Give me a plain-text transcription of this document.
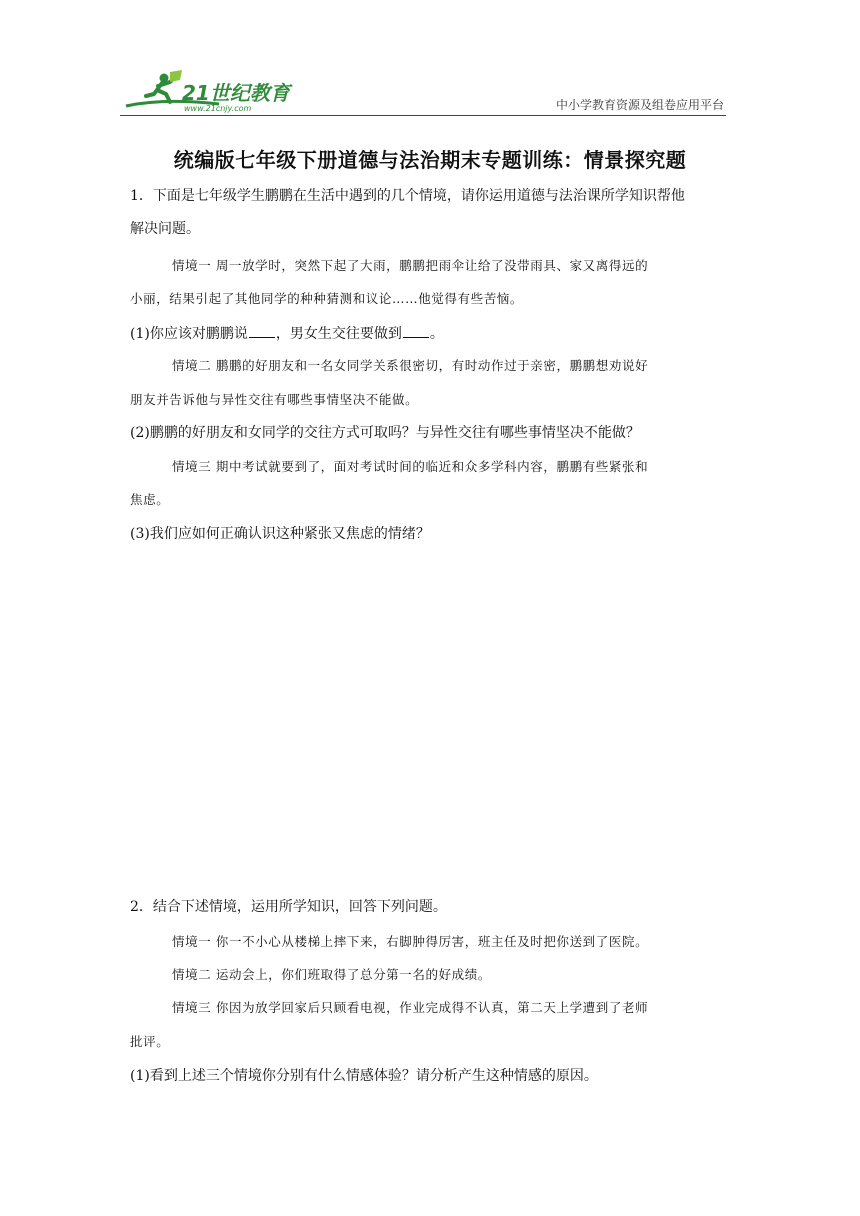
21世纪教育
www.21cnjy.com	中小学教育资源及组卷应用平台
统编版七年级下册道德与法治期末专题训练：情景探究题
1．下面是七年级学生鹏鹏在生活中遇到的几个情境，请你运用道德与法治课所学知识帮他
解决问题。
情境一 周一放学时，突然下起了大雨，鹏鹏把雨伞让给了没带雨具、家又离得远的
小丽，结果引起了其他同学的种种猜测和议论……他觉得有些苦恼。
(1)你应该对鹏鹏说 ，男女生交往要做到 。
情境二 鹏鹏的好朋友和一名女同学关系很密切，有时动作过于亲密，鹏鹏想劝说好
朋友并告诉他与异性交往有哪些事情坚决不能做。
(2)鹏鹏的好朋友和女同学的交往方式可取吗？与异性交往有哪些事情坚决不能做？
情境三 期中考试就要到了，面对考试时间的临近和众多学科内容，鹏鹏有些紧张和
焦虑。
(3)我们应如何正确认识这种紧张又焦虑的情绪？
2．结合下述情境，运用所学知识，回答下列问题。
情境一 你一不小心从楼梯上摔下来，右脚肿得厉害，班主任及时把你送到了医院。
情境二 运动会上，你们班取得了总分第一名的好成绩。
情境三 你因为放学回家后只顾看电视，作业完成得不认真，第二天上学遭到了老师
批评。
(1)看到上述三个情境你分别有什么情感体验？请分析产生这种情感的原因。
